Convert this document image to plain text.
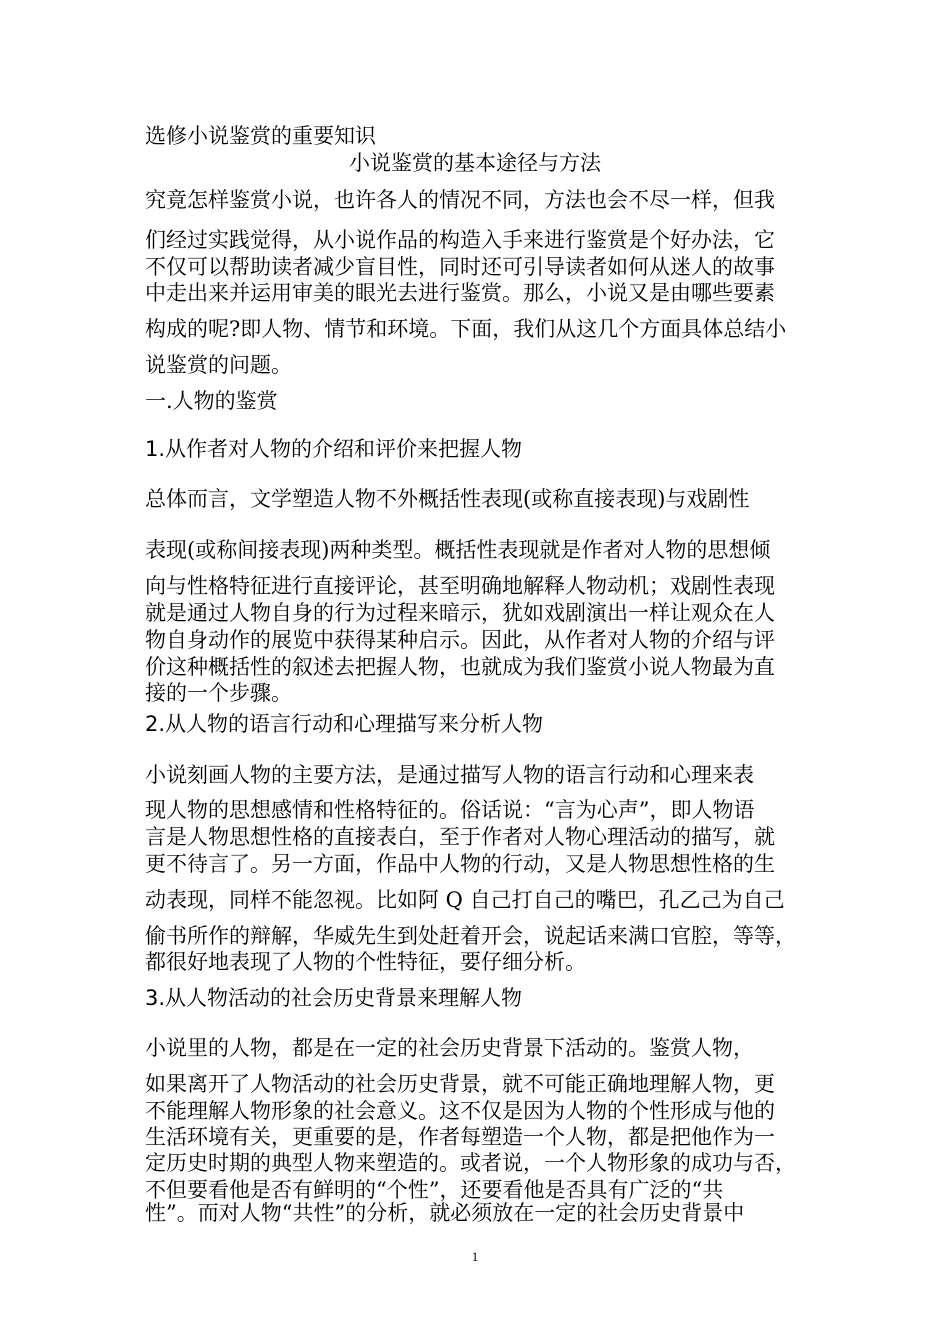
选修小说鉴赏的重要知识
小说鉴赏的基本途径与方法
究竟怎样鉴赏小说，也许各人的情况不同，方法也会不尽一样，但我
们经过实践觉得，从小说作品的构造入手来进行鉴赏是个好办法，它
不仅可以帮助读者减少盲目性，同时还可引导读者如何从迷人的故事
中走出来并运用审美的眼光去进行鉴赏。那么，小说又是由哪些要素
构成的呢?即人物、情节和环境。下面，我们从这几个方面具体总结小
说鉴赏的问题。
一.人物的鉴赏
1.从作者对人物的介绍和评价来把握人物
总体而言，文学塑造人物不外概括性表现(或称直接表现)与戏剧性
表现(或称间接表现)两种类型。概括性表现就是作者对人物的思想倾
向与性格特征进行直接评论，甚至明确地解释人物动机；戏剧性表现
就是通过人物自身的行为过程来暗示，犹如戏剧演出一样让观众在人
物自身动作的展览中获得某种启示。因此，从作者对人物的介绍与评
价这种概括性的叙述去把握人物，也就成为我们鉴赏小说人物最为直
接的一个步骤。
2.从人物的语言行动和心理描写来分析人物
小说刻画人物的主要方法，是通过描写人物的语言行动和心理来表
现人物的思想感情和性格特征的。俗话说：“言为心声”，即人物语
言是人物思想性格的直接表白，至于作者对人物心理活动的描写，就
更不待言了。另一方面，作品中人物的行动，又是人物思想性格的生
动表现，同样不能忽视。比如阿 Q 自己打自己的嘴巴，孔乙己为自己
偷书所作的辩解，华威先生到处赶着开会，说起话来满口官腔，等等，
都很好地表现了人物的个性特征，要仔细分析。
3.从人物活动的社会历史背景来理解人物
小说里的人物，都是在一定的社会历史背景下活动的。鉴赏人物，
如果离开了人物活动的社会历史背景，就不可能正确地理解人物，更
不能理解人物形象的社会意义。这不仅是因为人物的个性形成与他的
生活环境有关，更重要的是，作者每塑造一个人物，都是把他作为一
定历史时期的典型人物来塑造的。或者说，一个人物形象的成功与否，
不但要看他是否有鲜明的“个性”，还要看他是否具有广泛的“共
性”。而对人物“共性”的分析，就必须放在一定的社会历史背景中
1
